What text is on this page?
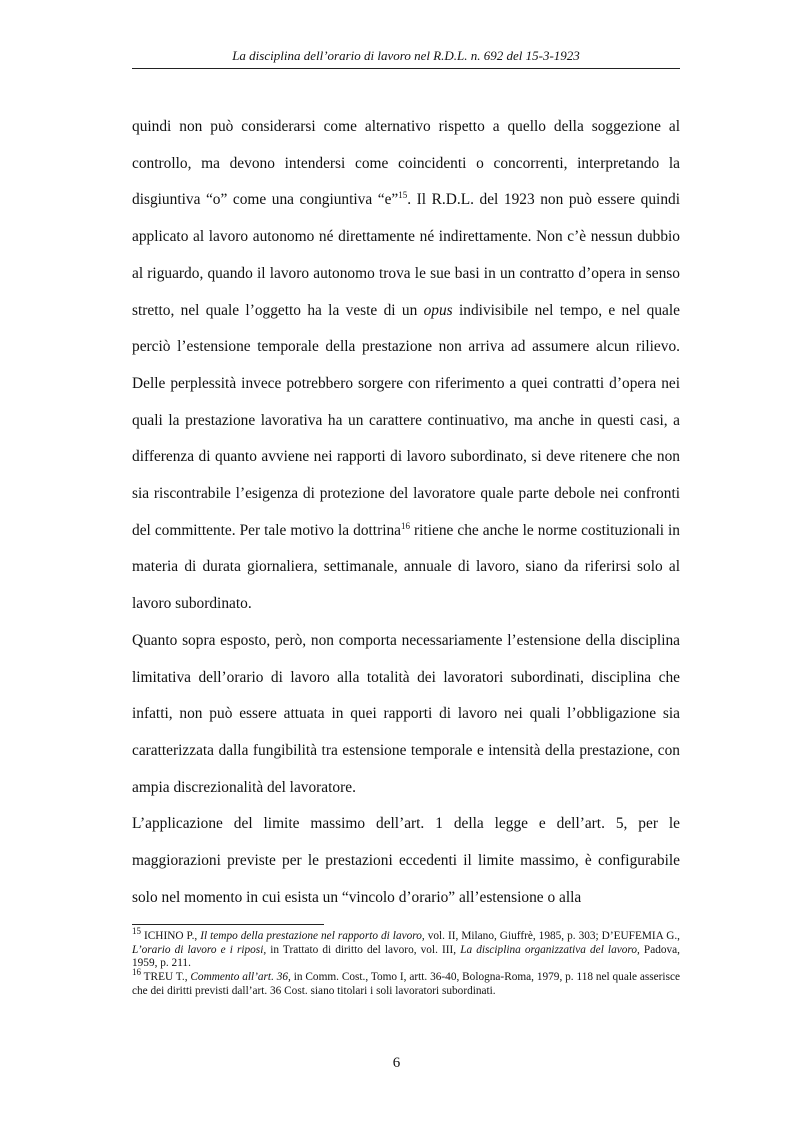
La disciplina dell’orario di lavoro nel R.D.L. n. 692 del 15-3-1923

quindi non può considerarsi come alternativo rispetto a quello della soggezione al controllo, ma devono intendersi come coincidenti o concorrenti, interpretando la disgiuntiva “o” come una congiuntiva “e”$^{15}$. Il R.D.L. del 1923 non può essere quindi applicato al lavoro autonomo né direttamente né indirettamente. Non c’è nessun dubbio al riguardo, quando il lavoro autonomo trova le sue basi in un contratto d’opera in senso stretto, nel quale l’oggetto ha la veste di un opus indivisibile nel tempo, e nel quale perciò l’estensione temporale della prestazione non arriva ad assumere alcun rilievo. Delle perplessità invece potrebbero sorgere con riferimento a quei contratti d’opera nei quali la prestazione lavorativa ha un carattere continuativo, ma anche in questi casi, a differenza di quanto avviene nei rapporti di lavoro subordinato, si deve ritenere che non sia riscontrabile l’esigenza di protezione del lavoratore quale parte debole nei confronti del committente. Per tale motivo la dottrina$^{16}$ ritiene che anche le norme costituzionali in materia di durata giornaliera, settimanale, annuale di lavoro, siano da riferirsi solo al lavoro subordinato.

Quanto sopra esposto, però, non comporta necessariamente l’estensione della disciplina limitativa dell’orario di lavoro alla totalità dei lavoratori subordinati, disciplina che infatti, non può essere attuata in quei rapporti di lavoro nei quali l’obbligazione sia caratterizzata dalla fungibilità tra estensione temporale e intensità della prestazione, con ampia discrezionalità del lavoratore.

L’applicazione del limite massimo dell’art. 1 della legge e dell’art. 5, per le maggiorazioni previste per le prestazioni eccedenti il limite massimo, è configurabile solo nel momento in cui esista un “vincolo d’orario” all’estensione o alla

$^{15}$ ICHINO P., Il tempo della prestazione nel rapporto di lavoro, vol. II, Milano, Giuffrè, 1985, p. 303; D’EUFEMIA G., L’orario di lavoro e i riposi, in Trattato di diritto del lavoro, vol. III, La disciplina organizzativa del lavoro, Padova, 1959, p. 211.

$^{16}$ TREU T., Commento all’art. 36, in Comm. Cost., Tomo I, artt. 36-40, Bologna-Roma, 1979, p. 118 nel quale asserisce che dei diritti previsti dall’art. 36 Cost. siano titolari i soli lavoratori subordinati.

6
